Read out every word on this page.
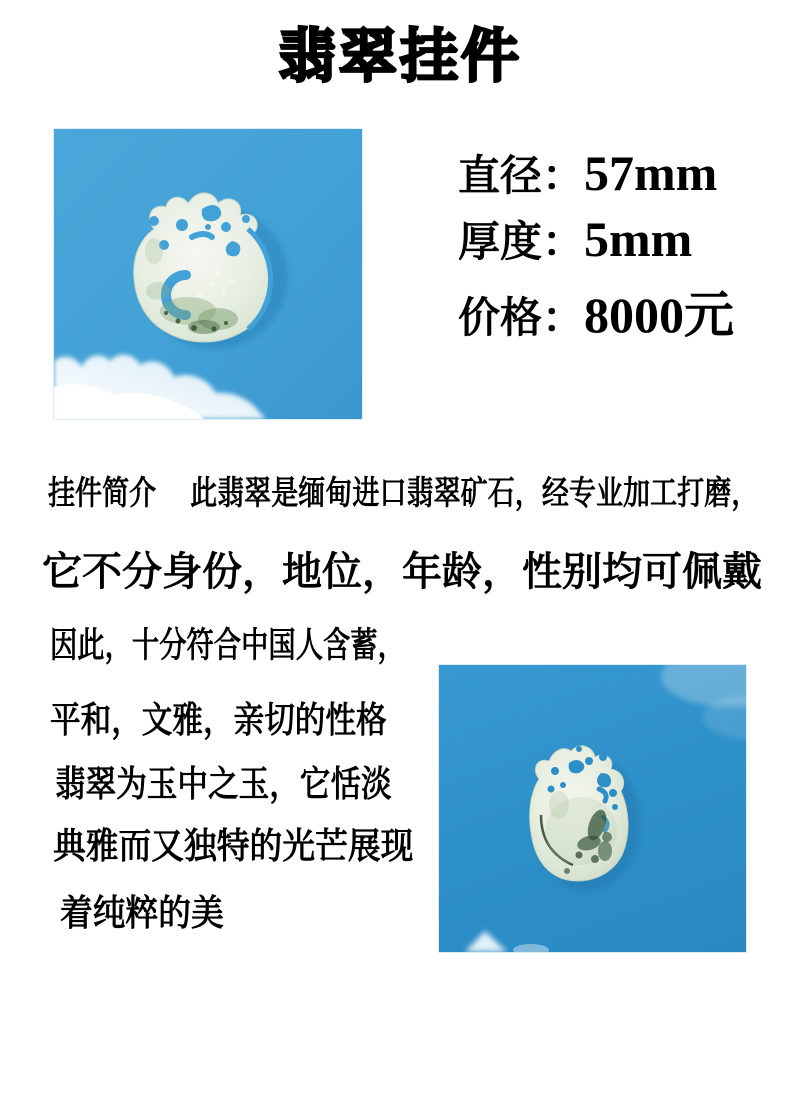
翡翠挂件
直径：57mm
厚度：5mm
价格：8000元
挂件简介　 此翡翠是缅甸进口翡翠矿石，经专业加工打磨，
它不分身份，地位，年龄，性别均可佩戴
因此，十分符合中国人含蓄，
平和，文雅，亲切的性格
翡翠为玉中之玉，它恬淡
典雅而又独特的光芒展现
着纯粹的美
